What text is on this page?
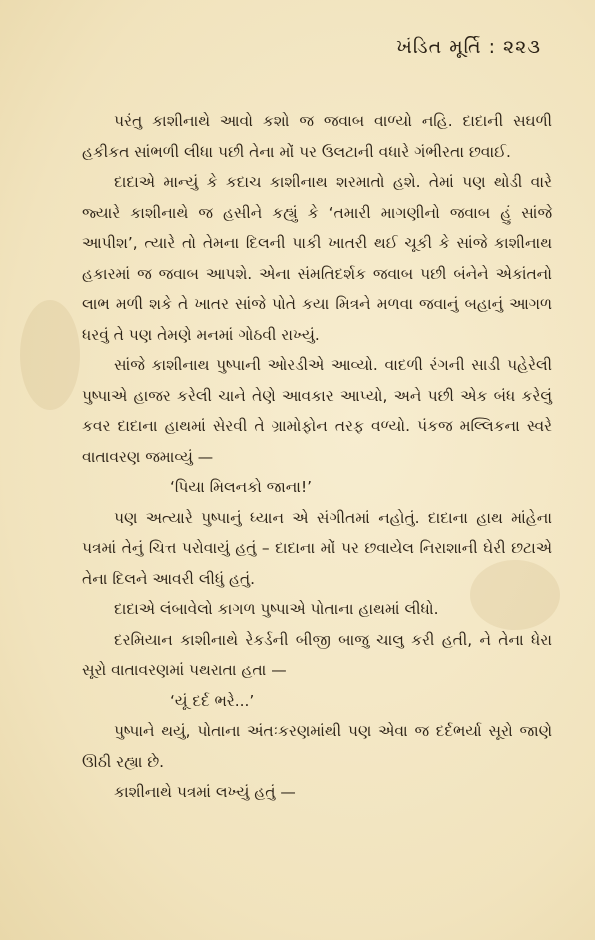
ખંડિત મૂર્તિ : ૨૨૩

પરંતુ કાશીનાથે આવો કશો જ જવાબ વાળ્યો નહિ. દાદાની સઘળી હકીકત સાંભળી લીધા પછી તેના મોં પર ઉલટાની વધારે ગંભીરતા છવાઈ.

દાદાએ માન્યું કે કદાચ કાશીનાથ શરમાતો હશે. તેમાં પણ થોડી વારે જ્યારે કાશીનાથે જ હસીને કહ્યું કે ‘તમારી માગણીનો જવાબ હું સાંજે આપીશ’, ત્યારે તો તેમના દિલની પાકી ખાતરી થઈ ચૂકી કે સાંજે કાશીનાથ હકારમાં જ જવાબ આપશે. એના સંમતિદર્શક જવાબ પછી બંનેને એકાંતનો લાભ મળી શકે તે ખાતર સાંજે પોતે કયા મિત્રને મળવા જવાનું બહાનું આગળ ધરવું તે પણ તેમણે મનમાં ગોઠવી રાખ્યું.

સાંજે કાશીનાથ પુષ્પાની ઓરડીએ આવ્યો. વાદળી રંગની સાડી પહેરેલી પુષ્પાએ હાજર કરેલી ચાને તેણે આવકાર આપ્યો, અને પછી એક બંધ કરેલું કવર દાદાના હાથમાં સેરવી તે ગ્રામોફોન તરફ વળ્યો. પંકજ મલ્લિકના સ્વરે વાતાવરણ જમાવ્યું —

‘પિયા મિલનકો જાના!’

પણ અત્યારે પુષ્પાનું ધ્યાન એ સંગીતમાં નહોતું. દાદાના હાથ માંહેના પત્રમાં તેનું ચિત્ત પરોવાયું હતું – દાદાના મોં પર છવાયેલ નિરાશાની ઘેરી છટાએ તેના દિલને આવરી લીધું હતું.

દાદાએ લંબાવેલો કાગળ પુષ્પાએ પોતાના હાથમાં લીધો.

દરમિયાન કાશીનાથે રેકર્ડની બીજી બાજુ ચાલુ કરી હતી, ને તેના ધેરા સૂરો વાતાવરણમાં પથરાતા હતા —

‘યૂં દર્દ ભરે...’

પુષ્પાને થયું, પોતાના અંતઃકરણમાંથી પણ એવા જ દર્દભર્યા સૂરો જાણે ઊઠી રહ્યા છે.

કાશીનાથે પત્રમાં લખ્યું હતું —
